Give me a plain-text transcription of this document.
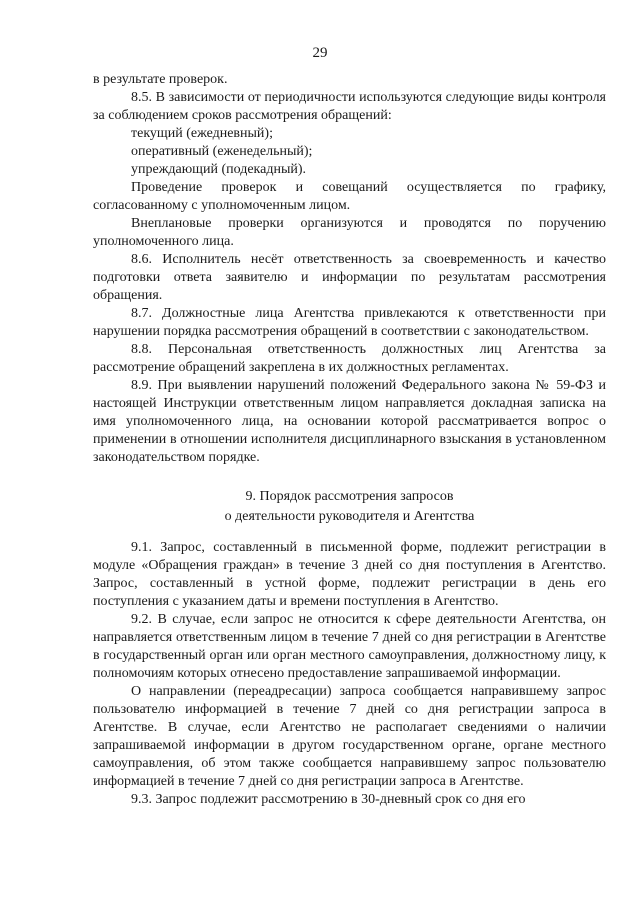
29

в результате проверок.

8.5. В зависимости от периодичности используются следующие виды контроля за соблюдением сроков рассмотрения обращений:

текущий (ежедневный);

оперативный (еженедельный);

упреждающий (подекадный).

Проведение проверок и совещаний осуществляется по графику, согласованному с уполномоченным лицом.

Внеплановые проверки организуются и проводятся по поручению уполномоченного лица.

8.6. Исполнитель несёт ответственность за своевременность и качество подготовки ответа заявителю и информации по результатам рассмотрения обращения.

8.7. Должностные лица Агентства привлекаются к ответственности при нарушении порядка рассмотрения обращений в соответствии с законодательством.

8.8. Персональная ответственность должностных лиц Агентства за рассмотрение обращений закреплена в их должностных регламентах.

8.9. При выявлении нарушений положений Федерального закона № 59-ФЗ и настоящей Инструкции ответственным лицом направляется докладная записка на имя уполномоченного лица, на основании которой рассматривается вопрос о применении в отношении исполнителя дисциплинарного взыскания в установленном законодательством порядке.

9. Порядок рассмотрения запросов
о деятельности руководителя и Агентства

9.1. Запрос, составленный в письменной форме, подлежит регистрации в модуле «Обращения граждан» в течение 3 дней со дня поступления в Агентство. Запрос, составленный в устной форме, подлежит регистрации в день его поступления с указанием даты и времени поступления в Агентство.

9.2. В случае, если запрос не относится к сфере деятельности Агентства, он направляется ответственным лицом в течение 7 дней со дня регистрации в Агентстве в государственный орган или орган местного самоуправления, должностному лицу, к полномочиям которых отнесено предоставление запрашиваемой информации.

О направлении (переадресации) запроса сообщается направившему запрос пользователю информацией в течение 7 дней со дня регистрации запроса в Агентстве. В случае, если Агентство не располагает сведениями о наличии запрашиваемой информации в другом государственном органе, органе местного самоуправления, об этом также сообщается направившему запрос пользователю информацией в течение 7 дней со дня регистрации запроса в Агентстве.

9.3. Запрос подлежит рассмотрению в 30-дневный срок со дня его
